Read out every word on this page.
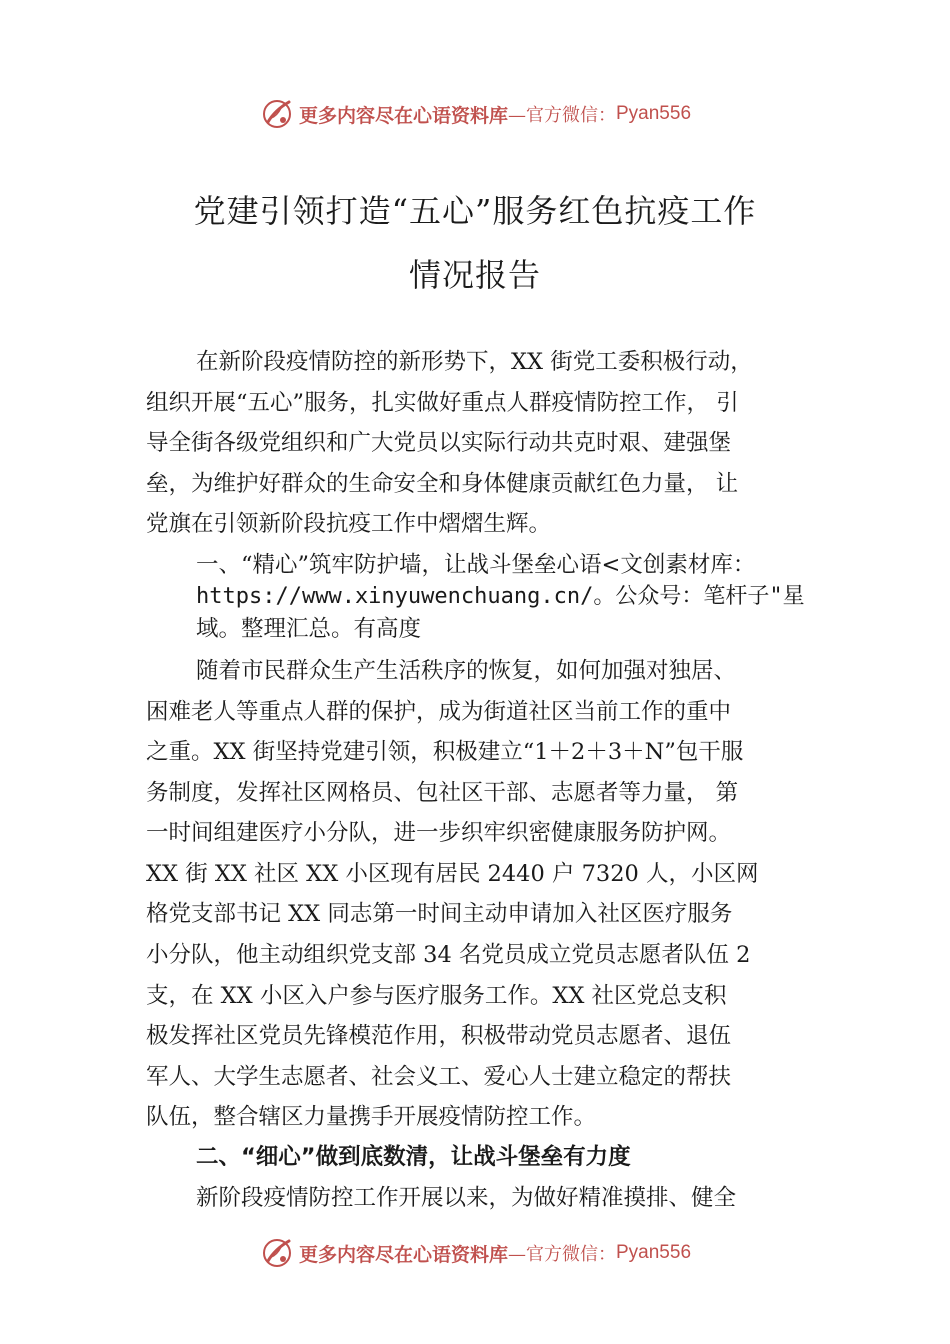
更多内容尽在心语资料库 —官方微信： Pyan556
党建引领打造“五心”服务红色抗疫工作
情况报告
在新阶段疫情防控的新形势下，XX 街党工委积极行动，
组织开展“五心”服务，扎实做好重点人群疫情防控工作， 引
导全街各级党组织和广大党员以实际行动共克时艰、建强堡
垒，为维护好群众的生命安全和身体健康贡献红色力量， 让
党旗在引领新阶段抗疫工作中熠熠生辉。
一、“精心”筑牢防护墙，让战斗堡垒心语<文创素材库：
https://www.xinyuwenchuang.cn/。公众号：笔杆子"星
域。整理汇总。有高度
随着市民群众生产生活秩序的恢复，如何加强对独居、
困难老人等重点人群的保护，成为街道社区当前工作的重中
之重。XX 街坚持党建引领，积极建立“1＋2＋3＋N”包干服
务制度，发挥社区网格员、包社区干部、志愿者等力量， 第
一时间组建医疗小分队，进一步织牢织密健康服务防护网。
XX 街 XX 社区 XX 小区现有居民 2440 户 7320 人，小区网
格党支部书记 XX 同志第一时间主动申请加入社区医疗服务
小分队，他主动组织党支部 34 名党员成立党员志愿者队伍 2
支，在 XX 小区入户参与医疗服务工作。XX 社区党总支积
极发挥社区党员先锋模范作用，积极带动党员志愿者、退伍
军人、大学生志愿者、社会义工、爱心人士建立稳定的帮扶
队伍，整合辖区力量携手开展疫情防控工作。
二、“细心”做到底数清，让战斗堡垒有力度
新阶段疫情防控工作开展以来，为做好精准摸排、健全
更多内容尽在心语资料库 —官方微信： Pyan556
